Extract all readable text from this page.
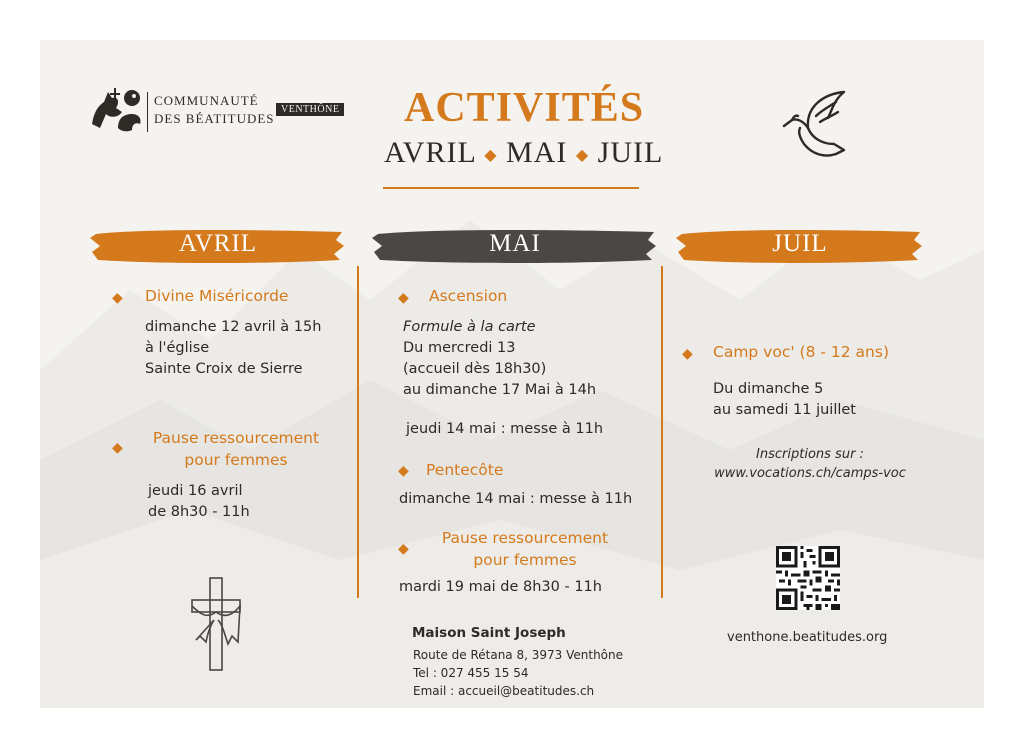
COMMUNAUTÉ
DES BÉATITUDES
VENTHÔNE ACTIVITÉS
AVRIL ◆ MAI ◆ JUIL
AVRIL	MAI	JUIL
◆ Divine Miséricorde
dimanche 12 avril à 15h
à l'église
Sainte Croix de Sierre
◆
Pause ressourcement
pour femmes
jeudi 16 avril
de 8h30 - 11h
◆ Ascension
Formule à la carte
Du mercredi 13
(accueil dès 18h30)
au dimanche 17 Mai à 14h
jeudi 14 mai : messe à 11h
◆ Pentecôte
dimanche 14 mai : messe à 11h
◆
Pause ressourcement
pour femmes
mardi 19 mai de 8h30 - 11h
◆ Camp voc' (8 - 12 ans)
Du dimanche 5
au samedi 11 juillet
Inscriptions sur :
www.vocations.ch/camps-voc
venthone.beatitudes.org
Maison Saint Joseph
Route de Rétana 8, 3973 Venthône
Tel : 027 455 15 54
Email : accueil@beatitudes.ch
